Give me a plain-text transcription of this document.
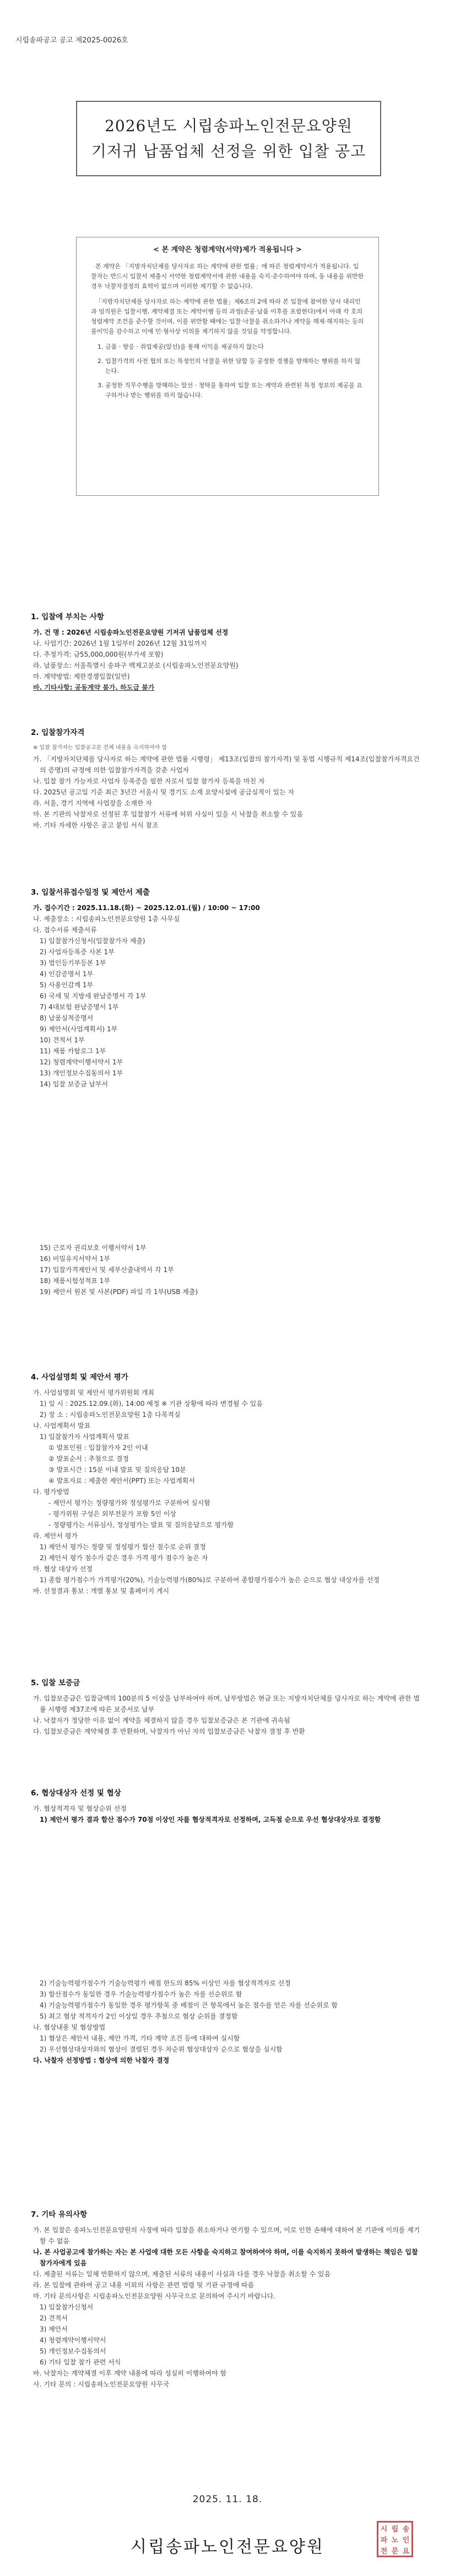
시립송파공고 공고 제2025-0026호
2026년도 시립송파노인전문요양원
기저귀 납품업체 선정을 위한 입찰 공고
< 본 계약은 청렴계약(서약)제가 적용됩니다 >

본 계약은 「지방자치단체를 당사자로 하는 계약에 관한 법률」에 따른 청렴계약서가 적용됩니다. 입찰자는 반드시 입찰서 제출시 서약한 청렴계약서에 관한 내용을 숙지·준수하여야 하며, 동 내용을 위반한 경우 낙찰자결정의 효력이 없으며 이러한 제기할 수 없습니다.

「지방자치단체를 당사자로 하는 계약에 관한 법률」제6조의 2에 따라 본 입찰에 참여한 당사 대리인과 임직원은 입찰시행, 계약체결 또는 계약이행 등의 과정(준공·납품 이후를 포함한다)에서 아래 각 호의 청렴계약 조건을 준수할 것이며, 이를 위반할 때에는 입찰·낙찰을 취소하거나 계약을 해제·해지하는 등의 불이익을 감수하고 이에 민·형사상 이의를 제기하지 않을 것임을 약정합니다.

1. 금품 · 향응 · 취업제공(알선)을 통해 이익을 제공하지 않는다
2. 입찰가격의 사전 협의 또는 특정인의 낙찰을 위한 담합 등 공정한 경쟁을 방해하는 행위를 하지 않는다.
3. 공정한 직무수행을 방해하는 알선 · 청탁을 통하여 입찰 또는 계약과 관련된 특정 정보의 제공을 요구하거나 받는 행위를 하지 않습니다.
1. 입찰에 부치는 사항

가. 건 명 : 2026년 시립송파노인전문요양원 기저귀 납품업체 선정

나. 사업기간: 2026년 1월 1일부터 2026년 12월 31일까지

다. 추정가격: 금55,000,000원(부가세 포함)

라. 납품장소: 서울특별시 송파구 백제고분로 (시립송파노인전문요양원)

마. 계약방법: 제한경쟁입찰(일반)

바. 기타사항: 공동계약 불가, 하도급 불가

2. 입찰참가자격

※ 입찰 참가자는 입찰공고문 전체 내용을 숙지하여야 함

가. 「지방자치단체를 당사자로 하는 계약에 관한 법률 시행령」 제13조(입찰의 참가자격) 및 동법 시행규칙 제14조(입찰참가자격요건의 증명)의 규정에 의한 입찰참가자격을 갖춘 사업자

나. 입찰 참가 가능자로 사업자 등록증을 필한 자로서 입찰 참가자 등록을 마친 자

다. 2025년 공고일 기준 최근 3년간 서울시 및 경기도 소재 요양시설에 공급실적이 있는 자

라. 서울, 경기 지역에 사업장을 소재한 자

마. 본 기관의 낙찰자로 선정된 후 입찰참가 서류에 허위 사실이 있을 시 낙찰을 취소할 수 있음

바. 기타 자세한 사항은 공고 붙임 서식 참조

3. 입찰서류접수일정 및 제안서 제출

가. 접수기간 : 2025.11.18.(화) ~ 2025.12.01.(월) / 10:00 ~ 17:00

나. 제출장소 : 시립송파노인전문요양원 1층 사무실

다. 접수서류 제출서류

1) 입찰참가신청서(입찰참가자 제출)

2) 사업자등록증 사본 1부

3) 법인등기부등본 1부

4) 인감증명서 1부

5) 사용인감계 1부

6) 국세 및 지방세 완납증명서 각 1부

7) 4대보험 완납증명서 1부

8) 납품실적증명서

9) 제안서(사업계획서) 1부

10) 견적서 1부

11) 제품 카탈로그 1부

12) 청렴계약이행서약서 1부

13) 개인정보수집동의서 1부

14) 입찰 보증금 납부서

15) 근로자 권리보호 이행서약서 1부

16) 비밀유지서약서 1부

17) 입찰가격제안서 및 세부산출내역서 각 1부

18) 제품시험성적표 1부

19) 제안서 원본 및 사본(PDF) 파일 각 1부(USB 제출)

4. 사업설명회 및 제안서 평가

가. 사업설명회 및 제안서 평가위원회 개최

1) 일 시 : 2025.12.09.(화), 14:00 예정 ※ 기관 상황에 따라 변경될 수 있음

2) 장 소 : 시립송파노인전문요양원 1층 다목적실

나. 사업계획서 발표

1) 입찰참가자 사업계획서 발표

① 발표인원 : 입찰참가자 2인 이내

② 발표순서 : 추첨으로 결정

③ 발표시간 : 15분 이내 발표 및 질의응답 10분

④ 발표자료 : 제출한 제안서(PPT) 또는 사업계획서

다. 평가방법

- 제안서 평가는 정량평가와 정성평가로 구분하여 실시함

- 평가위원 구성은 외부전문가 포함 5인 이상

- 정량평가는 서류심사, 정성평가는 발표 및 질의응답으로 평가함

라. 제안서 평가

1) 제안서 평가는 정량 및 정성평가 합산 점수로 순위 결정

2) 제안서 평가 점수가 같은 경우 가격 평가 점수가 높은 자

마. 협상 대상자 선정

1) 종합 평가점수가 가격평가(20%), 기술능력평가(80%)로 구분하여 종합평가점수가 높은 순으로 협상 대상자를 선정

바. 선정결과 통보 : 개별 통보 및 홈페이지 게시

5. 입찰 보증금

가. 입찰보증금은 입찰금액의 100분의 5 이상을 납부하여야 하며, 납부방법은 현금 또는 지방자치단체를 당사자로 하는 계약에 관한 법률 시행령 제37조에 따른 보증서로 납부

나. 낙찰자가 정당한 이유 없이 계약을 체결하지 않을 경우 입찰보증금은 본 기관에 귀속됨

다. 입찰보증금은 계약체결 후 반환하며, 낙찰자가 아닌 자의 입찰보증금은 낙찰자 결정 후 반환

6. 협상대상자 선정 및 협상

가. 협상적격자 및 협상순위 선정

1) 제안서 평가 결과 합산 점수가 70점 이상인 자를 협상적격자로 선정하며, 고득점 순으로 우선 협상대상자로 결정함

2) 기술능력평가점수가 기술능력평가 배점 한도의 85% 이상인 자를 협상적격자로 선정

3) 합산점수가 동일한 경우 기술능력평가점수가 높은 자를 선순위로 함

4) 기술능력평가점수가 동일한 경우 평가항목 중 배점이 큰 항목에서 높은 점수를 얻은 자를 선순위로 함

5) 최고 협상 적격자가 2인 이상일 경우 추첨으로 협상 순위를 결정함

나. 협상내용 및 협상방법

1) 협상은 제안서 내용, 제안 가격, 기타 계약 조건 등에 대하여 실시함

2) 우선협상대상자와의 협상이 결렬된 경우 차순위 협상대상자 순으로 협상을 실시함

다. 낙찰자 선정방법 : 협상에 의한 낙찰자 결정

7. 기타 유의사항

가. 본 입찰은 송파노인전문요양원의 사정에 따라 입찰을 취소하거나 연기할 수 있으며, 이로 인한 손해에 대하여 본 기관에 이의를 제기할 수 없음

나. 본 사업공고에 참가하는 자는 본 사업에 대한 모든 사항을 숙지하고 참여하여야 하며, 이를 숙지하지 못하여 발생하는 책임은 입찰참가자에게 있음

다. 제출된 서류는 일체 반환하지 않으며, 제출된 서류의 내용이 사실과 다를 경우 낙찰을 취소할 수 있음

라. 본 입찰에 관하여 공고 내용 이외의 사항은 관련 법령 및 기관 규정에 따름

마. 기타 문의사항은 시립송파노인전문요양원 사무국으로 문의하여 주시기 바랍니다.

1) 입찰참가신청서

2) 견적서

3) 제안서

4) 청렴계약이행서약서

5) 개인정보수집동의서

6) 기타 입찰 참가 관련 서식

바. 낙찰자는 계약체결 이후 계약 내용에 따라 성실히 이행하여야 함

사. 기타 문의 : 시립송파노인전문요양원 사무국

2025. 11. 18.
시립송파노인전문요양원
시 립 송
파 노 인
전 문 요
